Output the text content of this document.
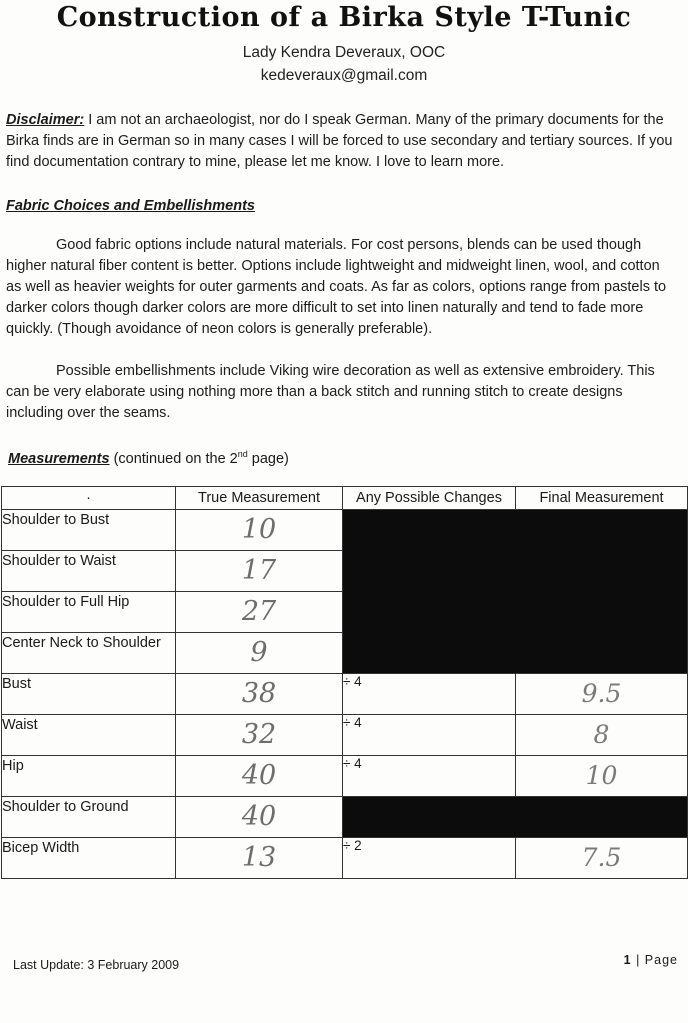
Construction of a Birka Style T-Tunic
Lady Kendra Deveraux, OOC
kedeveraux@gmail.com
Disclaimer: I am not an archaeologist, nor do I speak German. Many of the primary documents for the Birka finds are in German so in many cases I will be forced to use secondary and tertiary sources. If you find documentation contrary to mine, please let me know. I love to learn more.
Fabric Choices and Embellishments
Good fabric options include natural materials. For cost persons, blends can be used though higher natural fiber content is better. Options include lightweight and midweight linen, wool, and cotton as well as heavier weights for outer garments and coats. As far as colors, options range from pastels to darker colors though darker colors are more difficult to set into linen naturally and tend to fade more quickly. (Though avoidance of neon colors is generally preferable).
Possible embellishments include Viking wire decoration as well as extensive embroidery. This can be very elaborate using nothing more than a back stitch and running stitch to create designs including over the seams.
Measurements (continued on the 2nd page)
·	True Measurement	Any Possible Changes	Final Measurement
Shoulder to Bust	10		
Shoulder to Waist	17		
Shoulder to Full Hip	27		
Center Neck to Shoulder	9		
Bust	38	÷ 4	9.5
Waist	32	÷ 4	8
Hip	40	÷ 4	10
Shoulder to Ground	40		
Bicep Width	13	÷ 2	7.5
Last Update: 3 February 2009	1 | Page
